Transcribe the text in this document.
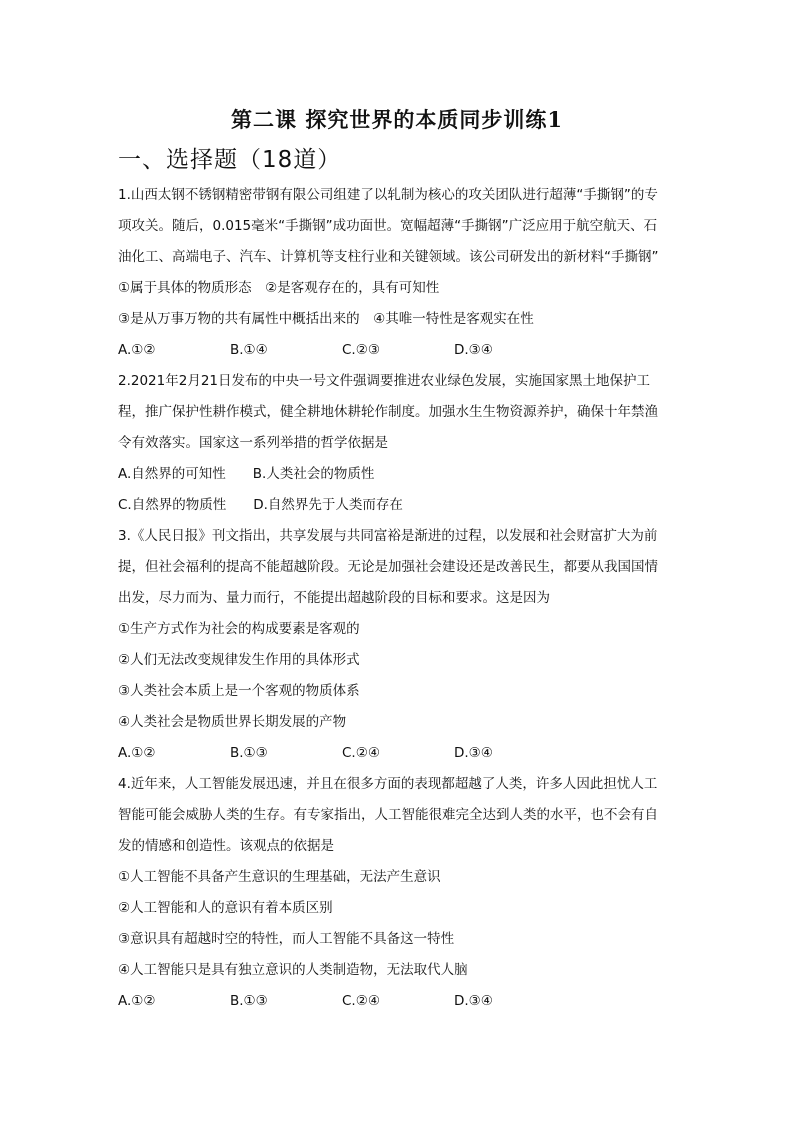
第二课 探究世界的本质同步训练1
一、选择题（18道）
1.山西太钢不锈钢精密带钢有限公司组建了以轧制为核心的攻关团队进行超薄“手撕钢”的专
项攻关。随后，0.015毫米“手撕钢”成功面世。宽幅超薄“手撕钢”广泛应用于航空航天、石
油化工、高端电子、汽车、计算机等支柱行业和关键领域。该公司研发出的新材料“手撕钢”
①属于具体的物质形态　②是客观存在的，具有可知性
③是从万事万物的共有属性中概括出来的　④其唯一特性是客观实在性
A.①②	B.①④	C.②③	D.③④
2.2021年2月21日发布的中央一号文件强调要推进农业绿色发展，实施国家黑土地保护工
程，推广保护性耕作模式，健全耕地休耕轮作制度。加强水生生物资源养护，确保十年禁渔
令有效落实。国家这一系列举措的哲学依据是
A.自然界的可知性　　B.人类社会的物质性
C.自然界的物质性　　D.自然界先于人类而存在
3.《人民日报》刊文指出，共享发展与共同富裕是渐进的过程，以发展和社会财富扩大为前
提，但社会福利的提高不能超越阶段。无论是加强社会建设还是改善民生，都要从我国国情
出发，尽力而为、量力而行，不能提出超越阶段的目标和要求。这是因为
①生产方式作为社会的构成要素是客观的
②人们无法改变规律发生作用的具体形式
③人类社会本质上是一个客观的物质体系
④人类社会是物质世界长期发展的产物
A.①②	B.①③	C.②④	D.③④
4.近年来，人工智能发展迅速，并且在很多方面的表现都超越了人类，许多人因此担忧人工
智能可能会威胁人类的生存。有专家指出，人工智能很难完全达到人类的水平，也不会有自
发的情感和创造性。该观点的依据是
①人工智能不具备产生意识的生理基础，无法产生意识
②人工智能和人的意识有着本质区别
③意识具有超越时空的特性，而人工智能不具备这一特性
④人工智能只是具有独立意识的人类制造物，无法取代人脑
A.①②	B.①③	C.②④	D.③④
